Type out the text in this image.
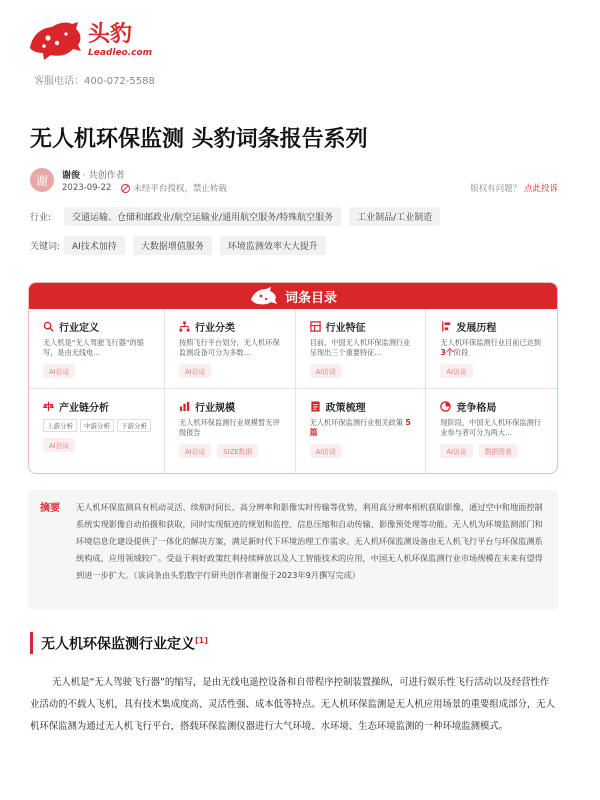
头豹
Leadleo.com
客服电话：400-072-5588
无人机环保监测 头豹词条报告系列
谢	谢俊 · 共创作者
2023-09-22	未经平台授权，禁止转载	版权有问题？ 点此投诉
行业:	交通运输、仓储和邮政业/航空运输业/通用航空服务/特殊航空服务	工业制品/工业制造
关键词:	AI技术加持	大数据增值服务	环境监测效率大大提升
词条目录
行业定义
无人机是“无人驾驶飞行器”的缩写，是由无线电...
AI访谈
行业分类
按照飞行平台划分，无人机环保监测设备可分为多数...
AI访谈
行业特征
目前，中国无人机环保监测行业呈现出三个重要特征...
AI访谈
发展历程
无人机环保监测行业目前已达到 3个阶段
AI访谈
产业链分析
上游分析	中游分析	下游分析
AI访谈
行业规模
无人机环保监测行业规模暂无评级报告
AI访谈	SIZE数据
政策梳理
无人机环保监测行业相关政策 5篇
AI访谈
竞争格局
现阶段，中国无人机环保监测行业参与者可分为两大...
AI访谈	数据图表
摘要	无人机环保监测具有机动灵活、续航时间长、高分辨率和影像实时传输等优势，利用高分辨率相机获取影像，通过空中和地面控制系统实现影像自动拍摄和获取，同时实现航迹的规划和监控、信息压缩和自动传输、影像预处理等功能。无人机为环境监测部门和环境信息化建设提供了一体化的解决方案，满足新时代下环境治理工作需求。无人机环保监测设备由无人机飞行平台与环保监测系统构成，应用领域较广。受益于利好政策红利持续释放以及人工智能技术的应用，中国无人机环保监测行业市场规模在未来有望得到进一步扩大。（该词条由头豹数字行研共创作者谢俊于2023年9月撰写完成）
无人机环保监测行业定义[1]
无人机是“无人驾驶飞行器”的缩写，是由无线电遥控设备和自带程序控制装置操纵，可进行娱乐性飞行活动以及经营性作业活动的不载人飞机，具有技术集成度高、灵活性强、成本低等特点。无人机环保监测是无人机应用场景的重要组成部分，无人机环保监测为通过无人机飞行平台，搭载环保监测仪器进行大气环境、水环境、生态环境监测的一种环境监测模式。
